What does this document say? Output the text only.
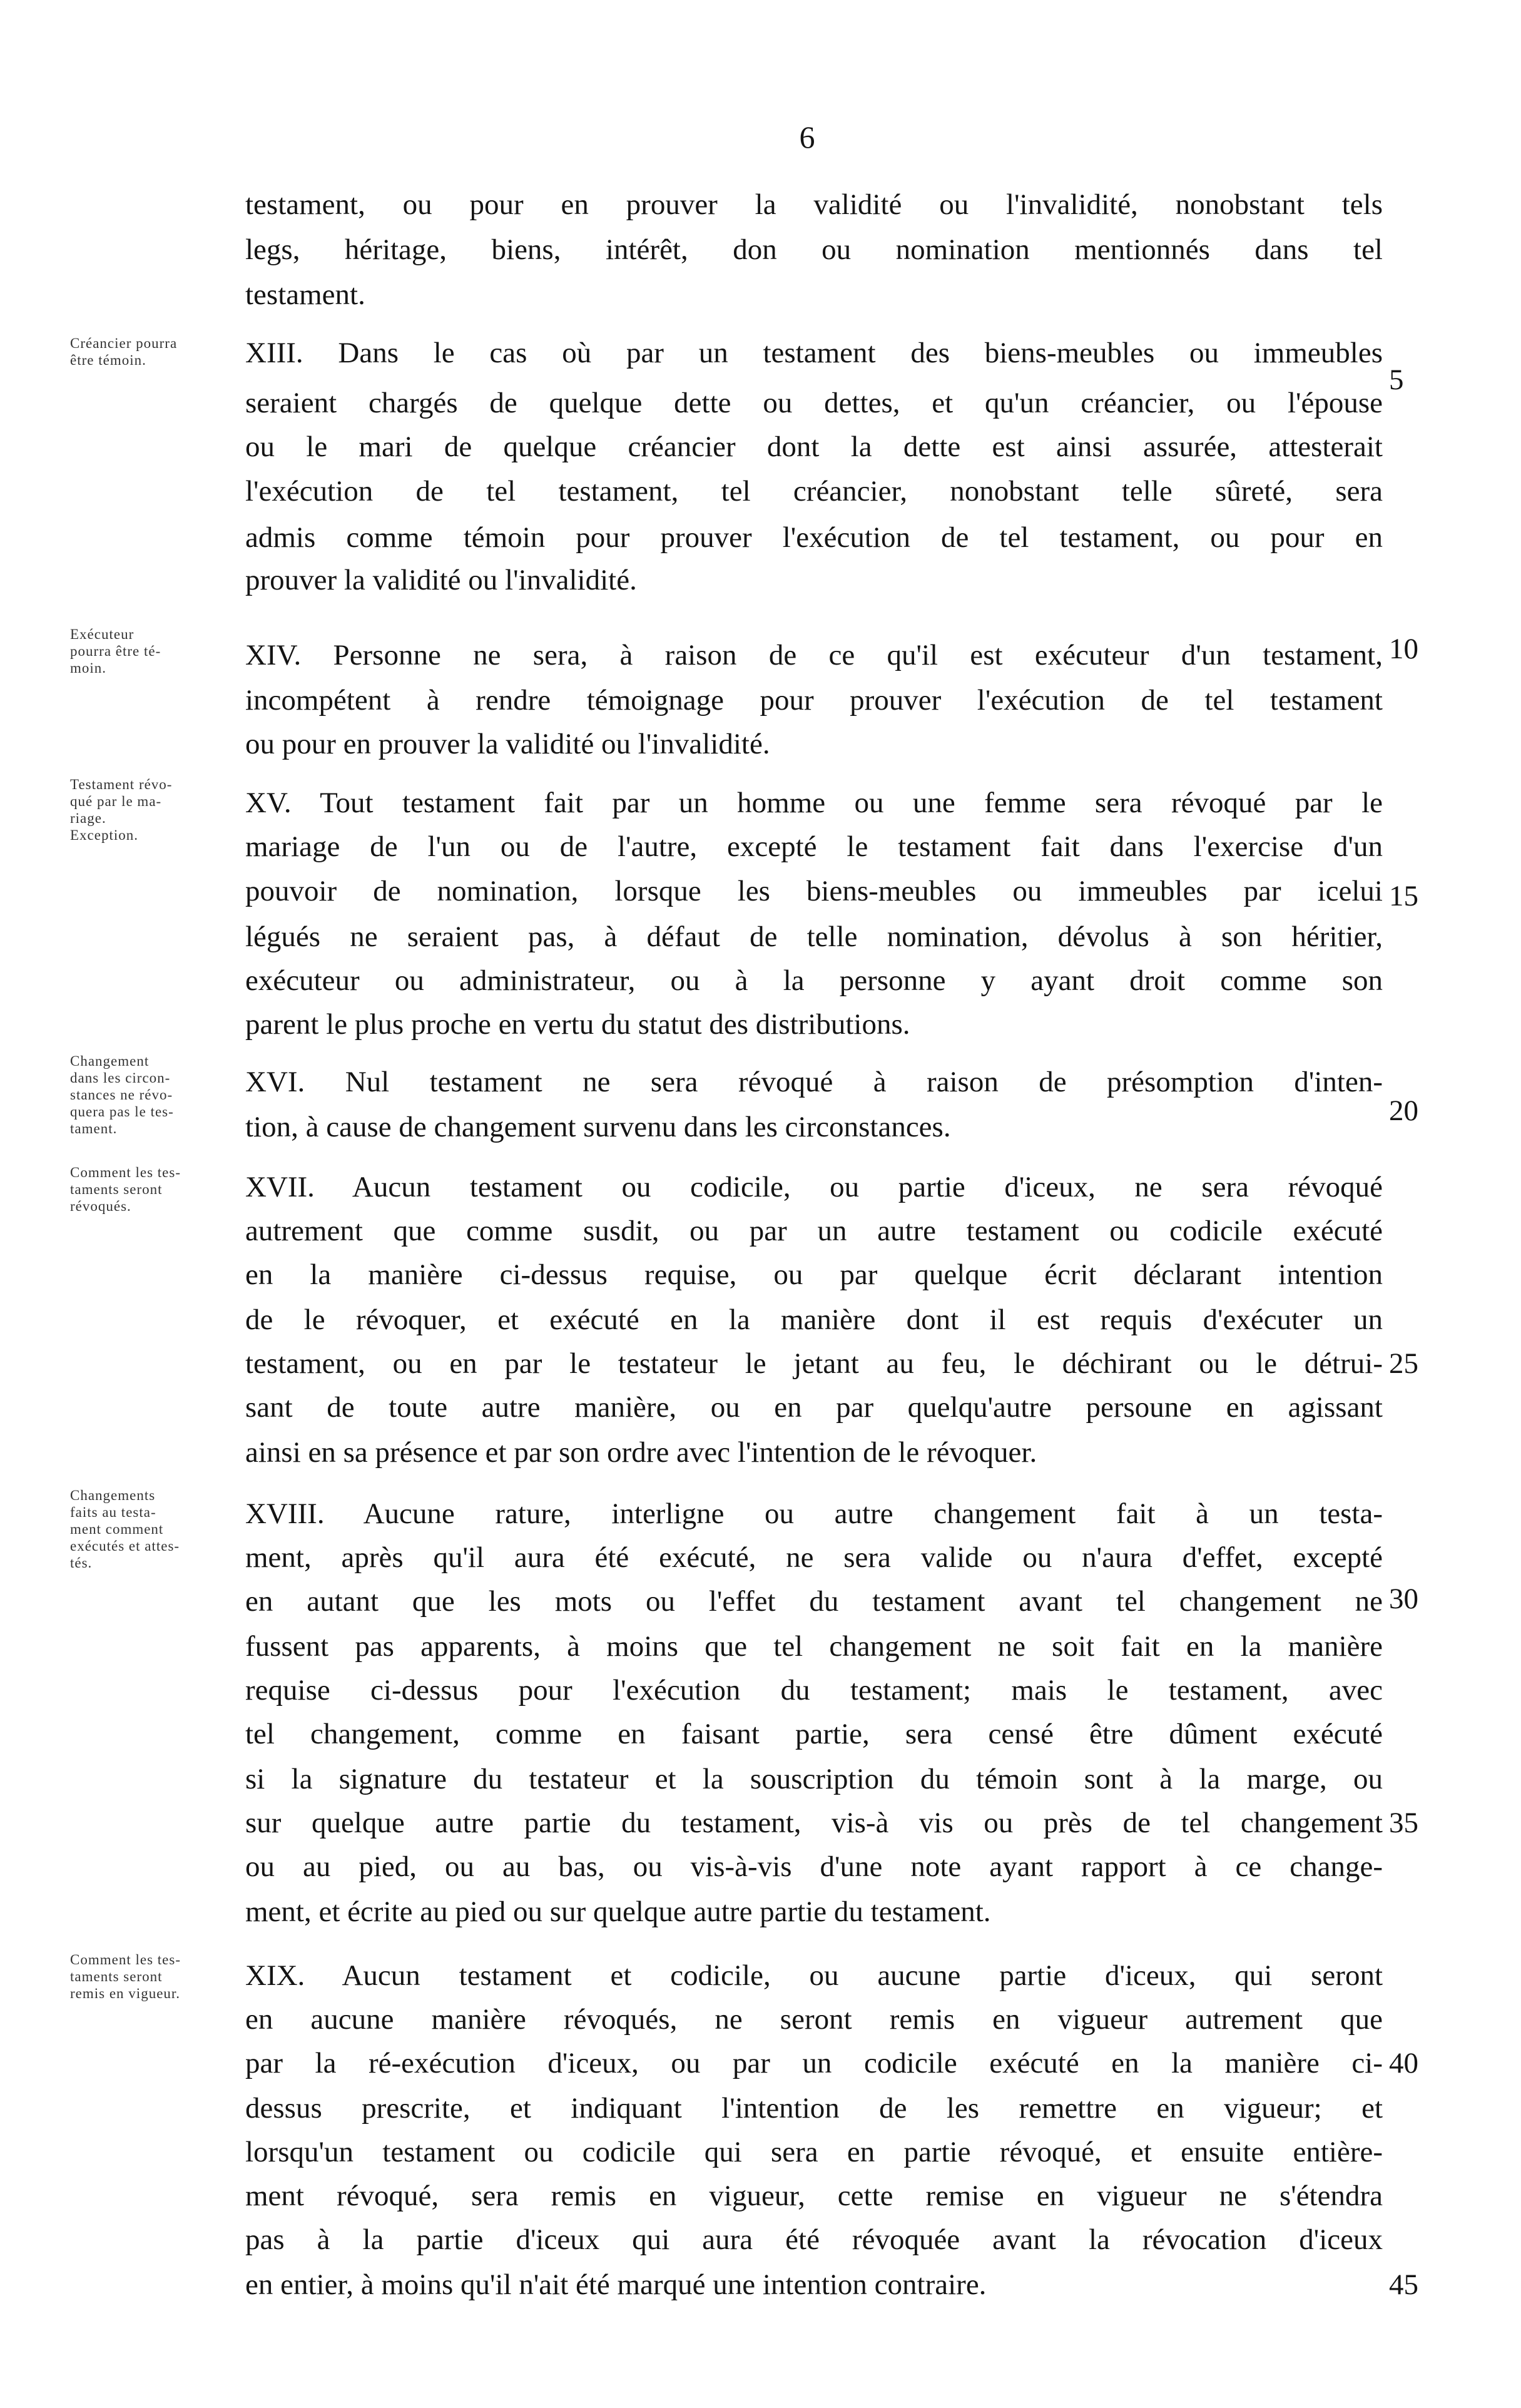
6
testament, ou pour en prouver la validité ou l'invalidité, nonobstant tels
legs, héritage, biens, intérêt, don ou nomination mentionnés dans tel
testament.
Créancier pourra
être témoin.	XIII. Dans le cas où par un testament des biens-meubles ou immeubles
seraient chargés de quelque dette ou dettes, et qu'un créancier, ou l'épouse
ou le mari de quelque créancier dont la dette est ainsi assurée, attesterait
l'exécution de tel testament, tel créancier, nonobstant telle sûreté, sera
admis comme témoin pour prouver l'exécution de tel testament, ou pour en
prouver la validité ou l'invalidité.
Exécuteur
pourra être té-
moin.	XIV. Personne ne sera, à raison de ce qu'il est exécuteur d'un testament,
incompétent à rendre témoignage pour prouver l'exécution de tel testament
ou pour en prouver la validité ou l'invalidité.
Testament révo-
qué par le ma-
riage.
Exception.
XV. Tout testament fait par un homme ou une femme sera révoqué par le
mariage de l'un ou de l'autre, excepté le testament fait dans l'exercise d'un
pouvoir de nomination, lorsque les biens-meubles ou immeubles par icelui
légués ne seraient pas, à défaut de telle nomination, dévolus à son héritier,
exécuteur ou administrateur, ou à la personne y ayant droit comme son
parent le plus proche en vertu du statut des distributions.
Changement
dans les circon-
stances ne révo-
quera pas le tes-
tament.
XVI. Nul testament ne sera révoqué à raison de présomption d'inten-
tion, à cause de changement survenu dans les circonstances.
Comment les tes-
taments seront
révoqués.
XVII. Aucun testament ou codicile, ou partie d'iceux, ne sera révoqué
autrement que comme susdit, ou par un autre testament ou codicile exécuté
en la manière ci-dessus requise, ou par quelque écrit déclarant intention
de le révoquer, et exécuté en la manière dont il est requis d'exécuter un
testament, ou en par le testateur le jetant au feu, le déchirant ou le détrui-
sant de toute autre manière, ou en par quelqu'autre persoune en agissant
ainsi en sa présence et par son ordre avec l'intention de le révoquer.
Changements
faits au testa-
ment comment
exécutés et attes-
tés.
XVIII. Aucune rature, interligne ou autre changement fait à un testa-
ment, après qu'il aura été exécuté, ne sera valide ou n'aura d'effet, excepté
en autant que les mots ou l'effet du testament avant tel changement ne
fussent pas apparents, à moins que tel changement ne soit fait en la manière
requise ci-dessus pour l'exécution du testament; mais le testament, avec
tel changement, comme en faisant partie, sera censé être dûment exécuté
si la signature du testateur et la souscription du témoin sont à la marge, ou
sur quelque autre partie du testament, vis-à vis ou près de tel changement
ou au pied, ou au bas, ou vis-à-vis d'une note ayant rapport à ce change-
ment, et écrite au pied ou sur quelque autre partie du testament.
Comment les tes-
taments seront
remis en vigueur.
XIX. Aucun testament et codicile, ou aucune partie d'iceux, qui seront
en aucune manière révoqués, ne seront remis en vigueur autrement que
par la ré-exécution d'iceux, ou par un codicile exécuté en la manière ci-
dessus prescrite, et indiquant l'intention de les remettre en vigueur; et
lorsqu'un testament ou codicile qui sera en partie révoqué, et ensuite entière-
ment révoqué, sera remis en vigueur, cette remise en vigueur ne s'étendra
pas à la partie d'iceux qui aura été révoquée avant la révocation d'iceux
en entier, à moins qu'il n'ait été marqué une intention contraire.
5
10
15
20
25
30
35
40
45
